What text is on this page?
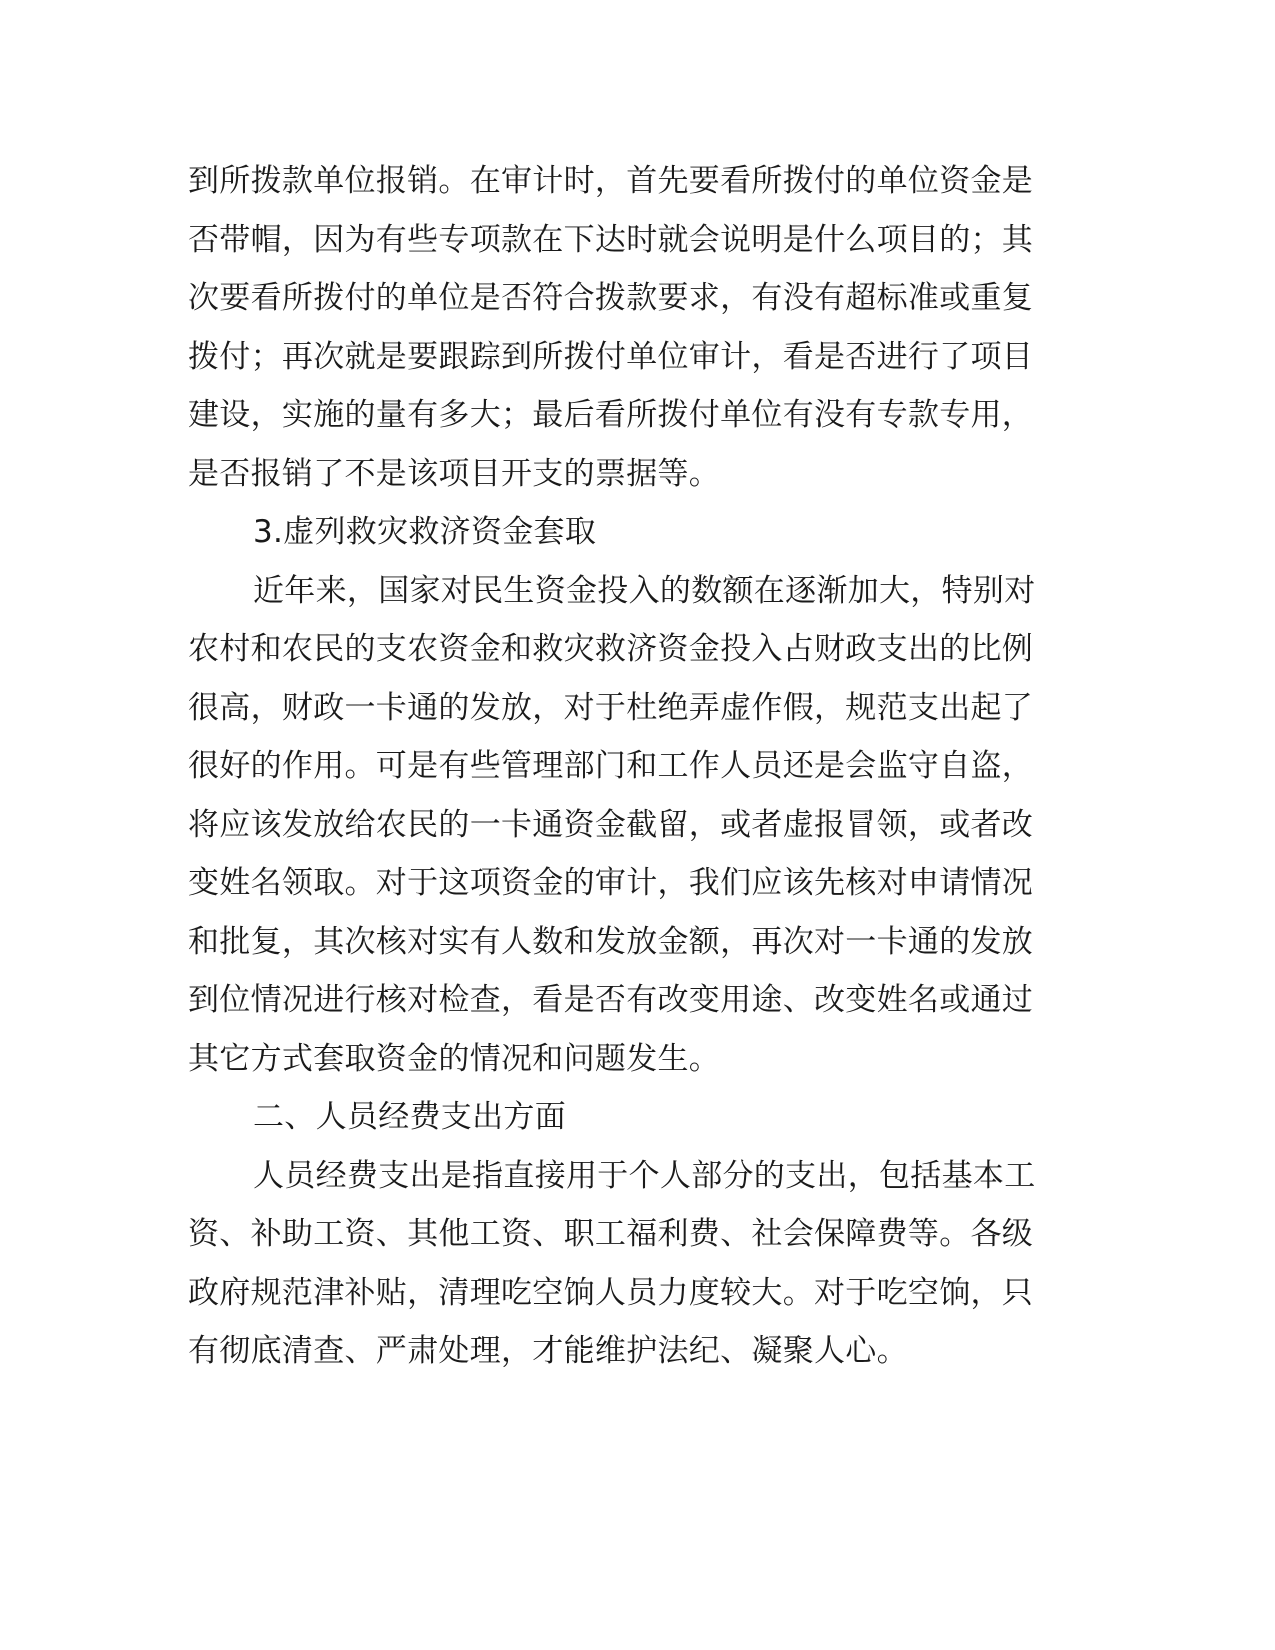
到所拨款单位报销。在审计时，首先要看所拨付的单位资金是
否带帽，因为有些专项款在下达时就会说明是什么项目的；其
次要看所拨付的单位是否符合拨款要求，有没有超标准或重复
拨付；再次就是要跟踪到所拨付单位审计，看是否进行了项目
建设，实施的量有多大；最后看所拨付单位有没有专款专用，
是否报销了不是该项目开支的票据等。
3.虚列救灾救济资金套取
近年来，国家对民生资金投入的数额在逐渐加大，特别对
农村和农民的支农资金和救灾救济资金投入占财政支出的比例
很高，财政一卡通的发放，对于杜绝弄虚作假，规范支出起了
很好的作用。可是有些管理部门和工作人员还是会监守自盗，
将应该发放给农民的一卡通资金截留，或者虚报冒领，或者改
变姓名领取。对于这项资金的审计，我们应该先核对申请情况
和批复，其次核对实有人数和发放金额，再次对一卡通的发放
到位情况进行核对检查，看是否有改变用途、改变姓名或通过
其它方式套取资金的情况和问题发生。
二、人员经费支出方面
人员经费支出是指直接用于个人部分的支出，包括基本工
资、补助工资、其他工资、职工福利费、社会保障费等。各级
政府规范津补贴，清理吃空饷人员力度较大。对于吃空饷，只
有彻底清查、严肃处理，才能维护法纪、凝聚人心。
